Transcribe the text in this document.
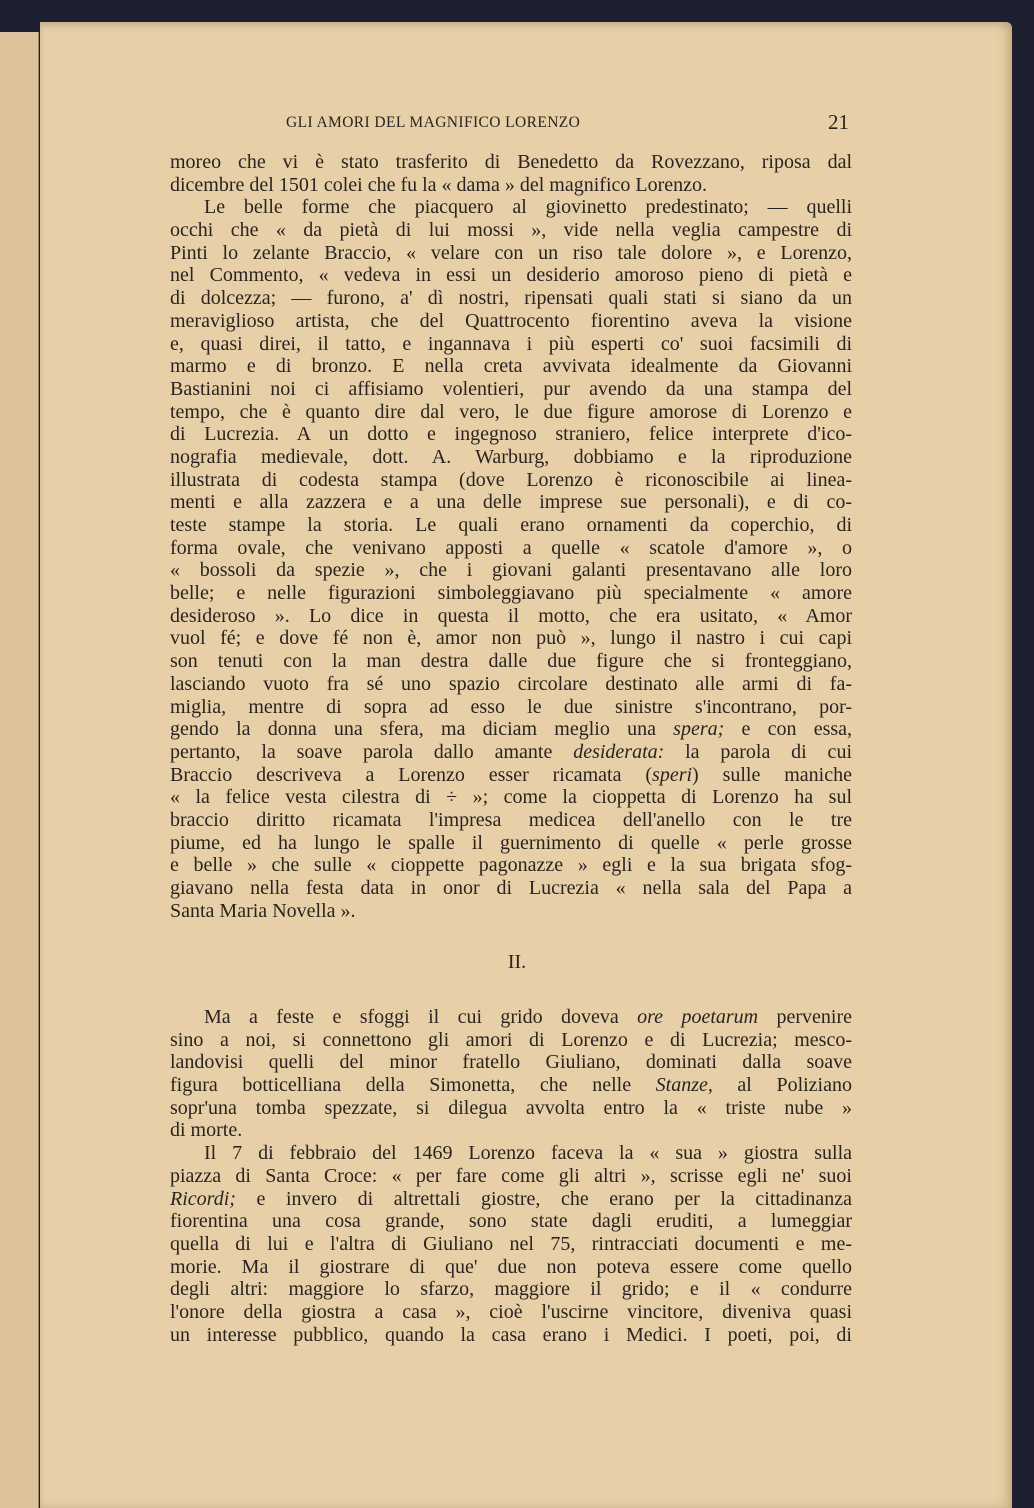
GLI AMORI DEL MAGNIFICO LORENZO	21
moreo che vi è stato trasferito di Benedetto da Rovezzano, riposa dal
dicembre del 1501 colei che fu la « dama » del magnifico Lorenzo.
Le belle forme che piacquero al giovinetto predestinato; — quelli
occhi che « da pietà di lui mossi », vide nella veglia campestre di
Pinti lo zelante Braccio, « velare con un riso tale dolore », e Lorenzo,
nel Commento, « vedeva in essi un desiderio amoroso pieno di pietà e
di dolcezza; — furono, a' dì nostri, ripensati quali stati si siano da un
meraviglioso artista, che del Quattrocento fiorentino aveva la visione
e, quasi direi, il tatto, e ingannava i più esperti co' suoi facsimili di
marmo e di bronzo. E nella creta avvivata idealmente da Giovanni
Bastianini noi ci affisiamo volentieri, pur avendo da una stampa del
tempo, che è quanto dire dal vero, le due figure amorose di Lorenzo e
di Lucrezia. A un dotto e ingegnoso straniero, felice interprete d'ico-
nografia medievale, dott. A. Warburg, dobbiamo e la riproduzione
illustrata di codesta stampa (dove Lorenzo è riconoscibile ai linea-
menti e alla zazzera e a una delle imprese sue personali), e di co-
teste stampe la storia. Le quali erano ornamenti da coperchio, di
forma ovale, che venivano apposti a quelle « scatole d'amore », o
« bossoli da spezie », che i giovani galanti presentavano alle loro
belle; e nelle figurazioni simboleggiavano più specialmente « amore
desideroso ». Lo dice in questa il motto, che era usitato, « Amor
vuol fé; e dove fé non è, amor non può », lungo il nastro i cui capi
son tenuti con la man destra dalle due figure che si fronteggiano,
lasciando vuoto fra sé uno spazio circolare destinato alle armi di fa-
miglia, mentre di sopra ad esso le due sinistre s'incontrano, por-
gendo la donna una sfera, ma diciam meglio una spera; e con essa,
pertanto, la soave parola dallo amante desiderata: la parola di cui
Braccio descriveva a Lorenzo esser ricamata (speri) sulle maniche
« la felice vesta cilestra di ÷ »; come la cioppetta di Lorenzo ha sul
braccio diritto ricamata l'impresa medicea dell'anello con le tre
piume, ed ha lungo le spalle il guernimento di quelle « perle grosse
e belle » che sulle « cioppette pagonazze » egli e la sua brigata sfog-
giavano nella festa data in onor di Lucrezia « nella sala del Papa a
Santa Maria Novella ».
II.
Ma a feste e sfoggi il cui grido doveva ore poetarum pervenire
sino a noi, si connettono gli amori di Lorenzo e di Lucrezia; mesco-
landovisi quelli del minor fratello Giuliano, dominati dalla soave
figura botticelliana della Simonetta, che nelle Stanze, al Poliziano
sopr'una tomba spezzate, si dilegua avvolta entro la « triste nube »
di morte.
Il 7 di febbraio del 1469 Lorenzo faceva la « sua » giostra sulla
piazza di Santa Croce: « per fare come gli altri », scrisse egli ne' suoi
Ricordi; e invero di altrettali giostre, che erano per la cittadinanza
fiorentina una cosa grande, sono state dagli eruditi, a lumeggiar
quella di lui e l'altra di Giuliano nel 75, rintracciati documenti e me-
morie. Ma il giostrare di que' due non poteva essere come quello
degli altri: maggiore lo sfarzo, maggiore il grido; e il « condurre
l'onore della giostra a casa », cioè l'uscirne vincitore, diveniva quasi
un interesse pubblico, quando la casa erano i Medici. I poeti, poi, di
